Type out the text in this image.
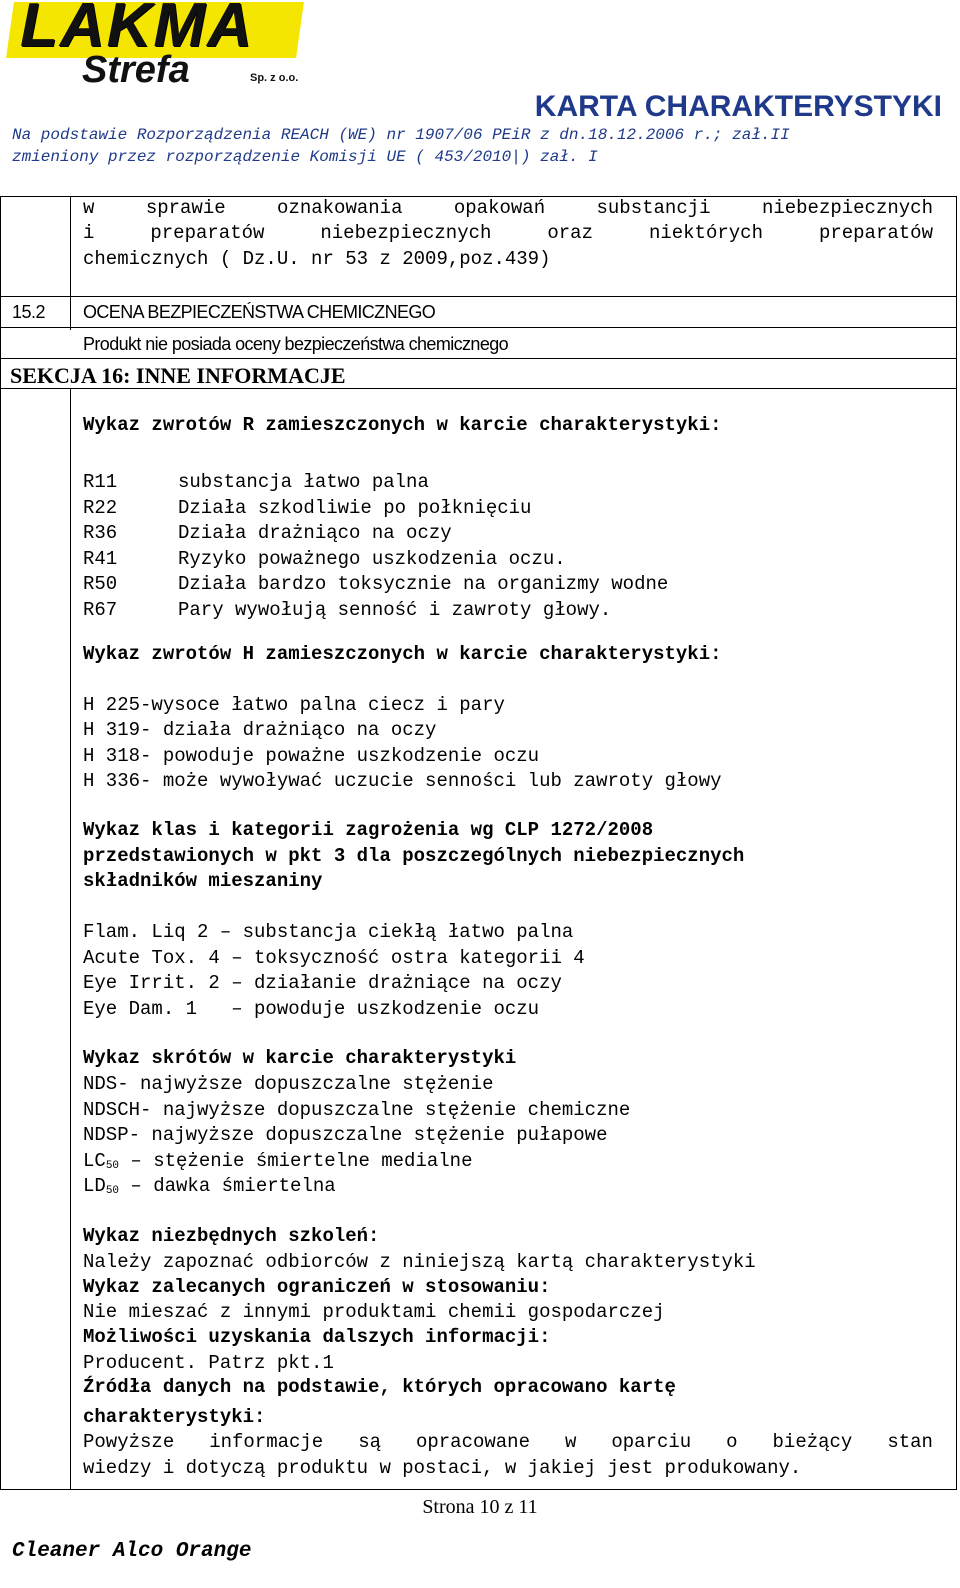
LAKMA
Strefa	Sp. z o.o.
KARTA CHARAKTERYSTYKI
Na podstawie Rozporządzenia REACH (WE) nr 1907/06 PEiR z dn.18.12.2006 r.; zał.II
zmieniony przez rozporządzenie Komisji UE ( 453/2010|) zał. I
w	sprawie	oznakowania	opakowań	substancji	niebezpiecznych
i	preparatów	niebezpiecznych	oraz	niektórych	preparatów
chemicznych ( Dz.U. nr 53 z 2009,poz.439)
15.2 OCENA BEZPIECZEŃSTWA CHEMICZNEGO
Produkt nie posiada oceny bezpieczeństwa chemicznego
SEKCJA 16: INNE INFORMACJE
Wykaz zwrotów R zamieszczonych w karcie charakterystyki:
R11	substancja łatwo palna
R22	Działa szkodliwie po połknięciu
R36	Działa drażniąco na oczy
R41	Ryzyko poważnego uszkodzenia oczu.
R50	Działa bardzo toksycznie na organizmy wodne
R67	Pary wywołują senność i zawroty głowy.
Wykaz zwrotów H zamieszczonych w karcie charakterystyki:
H 225-wysoce łatwo palna ciecz i pary
H 319- działa drażniąco na oczy
H 318- powoduje poważne uszkodzenie oczu
H 336- może wywoływać uczucie senności lub zawroty głowy
Wykaz klas i kategorii zagrożenia wg CLP 1272/2008
przedstawionych w pkt 3 dla poszczególnych niebezpiecznych
składników mieszaniny
Flam. Liq 2 – substancja ciekłą łatwo palna
Acute Tox. 4 – toksyczność ostra kategorii 4
Eye Irrit. 2 – działanie drażniące na oczy
Eye Dam. 1   – powoduje uszkodzenie oczu
Wykaz skrótów w karcie charakterystyki
NDS- najwyższe dopuszczalne stężenie
NDSCH- najwyższe dopuszczalne stężenie chemiczne
NDSP- najwyższe dopuszczalne stężenie pułapowe
$LC_{50}$ – stężenie śmiertelne medialne
$LD_{50}$ – dawka śmiertelna
Wykaz niezbędnych szkoleń:
Należy zapoznać odbiorców z niniejszą kartą charakterystyki
Wykaz zalecanych ograniczeń w stosowaniu:
Nie mieszać z innymi produktami chemii gospodarczej
Możliwości uzyskania dalszych informacji:
Producent. Patrz pkt.1
Źródła danych na podstawie, których opracowano kartę
charakterystyki:
Powyższe informacje są opracowane w oparciu o bieżący stan
wiedzy i dotyczą produktu w postaci, w jakiej jest produkowany.
Strona 10 z 11
Cleaner Alco Orange
